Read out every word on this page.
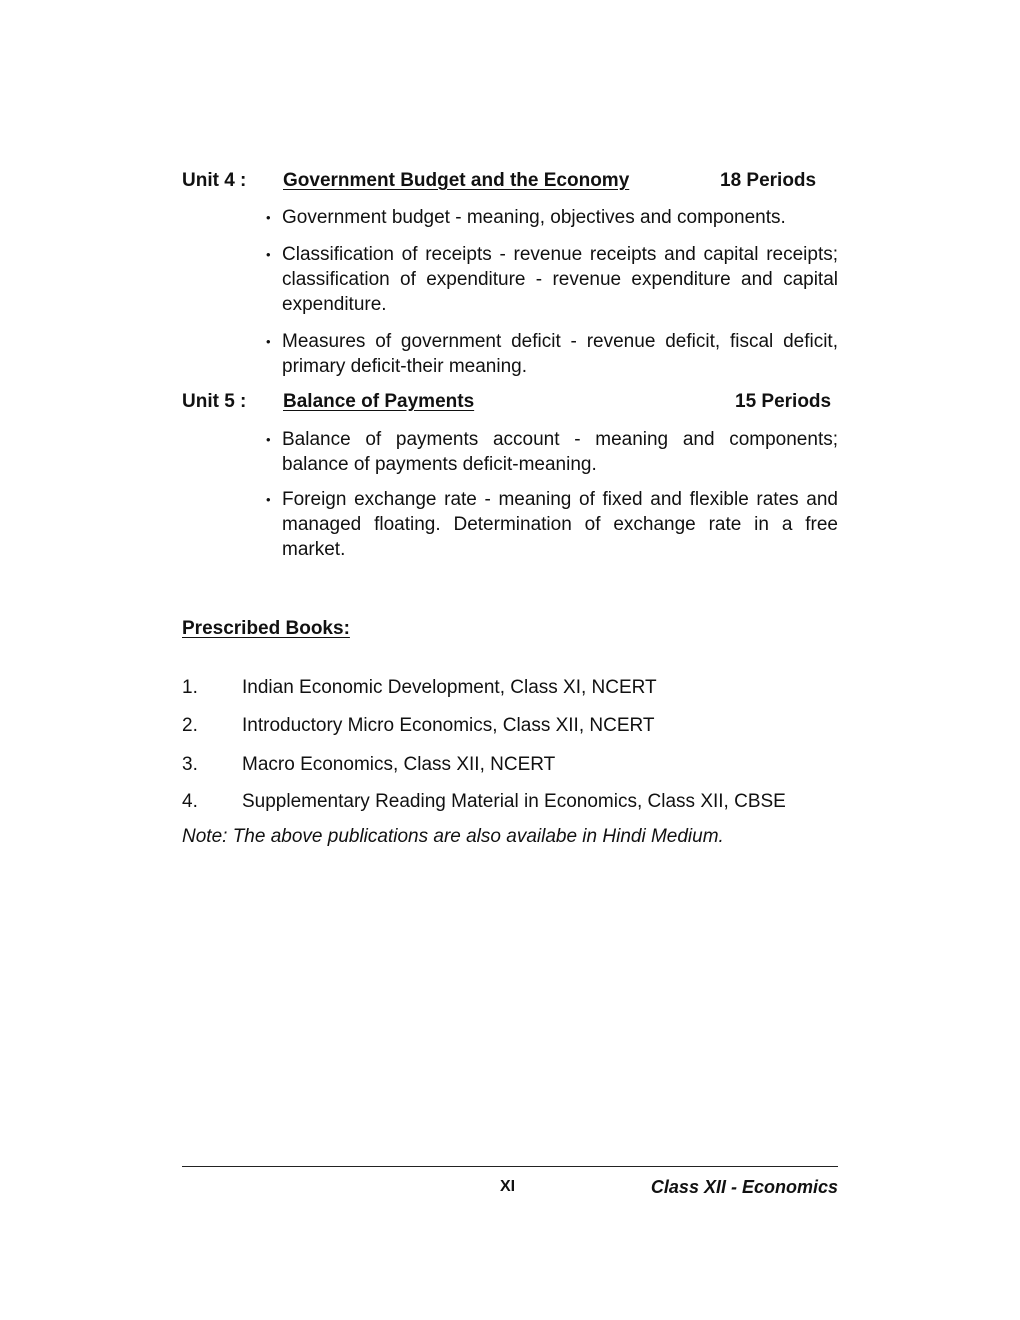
Unit 4 : Government Budget and the Economy	18 Periods
• Government budget - meaning, objectives and components.
• Classification of receipts - revenue receipts and capital receipts; classification of expenditure - revenue expenditure and capital expenditure.
• Measures of government deficit - revenue deficit, fiscal deficit, primary deficit-their meaning.
Unit 5 : Balance of Payments	15 Periods
• Balance of payments account - meaning and components; balance of payments deficit-meaning.
• Foreign exchange rate - meaning of fixed and flexible rates and managed floating. Determination of exchange rate in a free market.
Prescribed Books:
1. Indian Economic Development, Class XI, NCERT
2. Introductory Micro Economics, Class XII, NCERT
3. Macro Economics, Class XII, NCERT
4. Supplementary Reading Material in Economics, Class XII, CBSE
Note: The above publications are also availabe in Hindi Medium.
XI	Class XII - Economics
